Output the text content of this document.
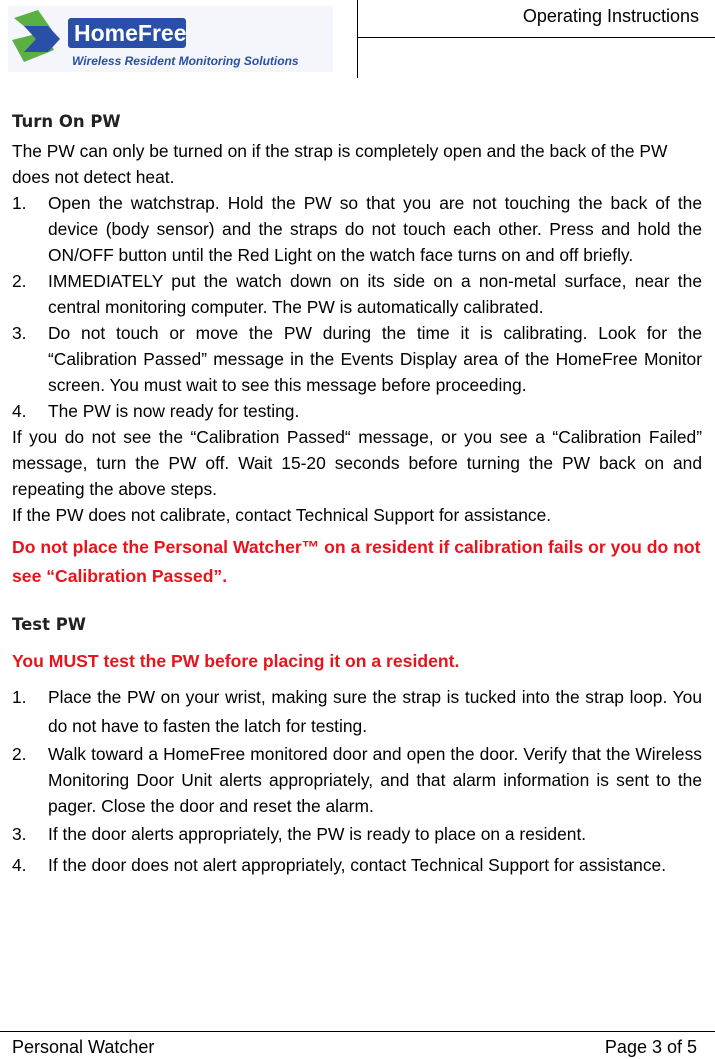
HomeFree
Wireless Resident Monitoring Solutions
Operating Instructions
Turn On PW

The PW can only be turned on if the strap is completely open and the back of the PW does not detect heat.

1. Open the watchstrap. Hold the PW so that you are not touching the back of the device (body sensor) and the straps do not touch each other. Press and hold the ON/OFF button until the Red Light on the watch face turns on and off briefly.
2. IMMEDIATELY put the watch down on its side on a non-metal surface, near the central monitoring computer. The PW is automatically calibrated.
3. Do not touch or move the PW during the time it is calibrating. Look for the “Calibration Passed” message in the Events Display area of the HomeFree Monitor screen. You must wait to see this message before proceeding.
4. The PW is now ready for testing.

If you do not see the “Calibration Passed“ message, or you see a “Calibration Failed” message, turn the PW off. Wait 15-20 seconds before turning the PW back on and repeating the above steps.

If the PW does not calibrate, contact Technical Support for assistance.

Do not place the Personal Watcher™ on a resident if calibration fails or you do not see “Calibration Passed”.

Test PW

You MUST test the PW before placing it on a resident.

1. Place the PW on your wrist, making sure the strap is tucked into the strap loop. You do not have to fasten the latch for testing.
2. Walk toward a HomeFree monitored door and open the door. Verify that the Wireless Monitoring Door Unit alerts appropriately, and that alarm information is sent to the pager. Close the door and reset the alarm.
3. If the door alerts appropriately, the PW is ready to place on a resident.
4. If the door does not alert appropriately, contact Technical Support for assistance.
Personal Watcher	Page 3 of 5
